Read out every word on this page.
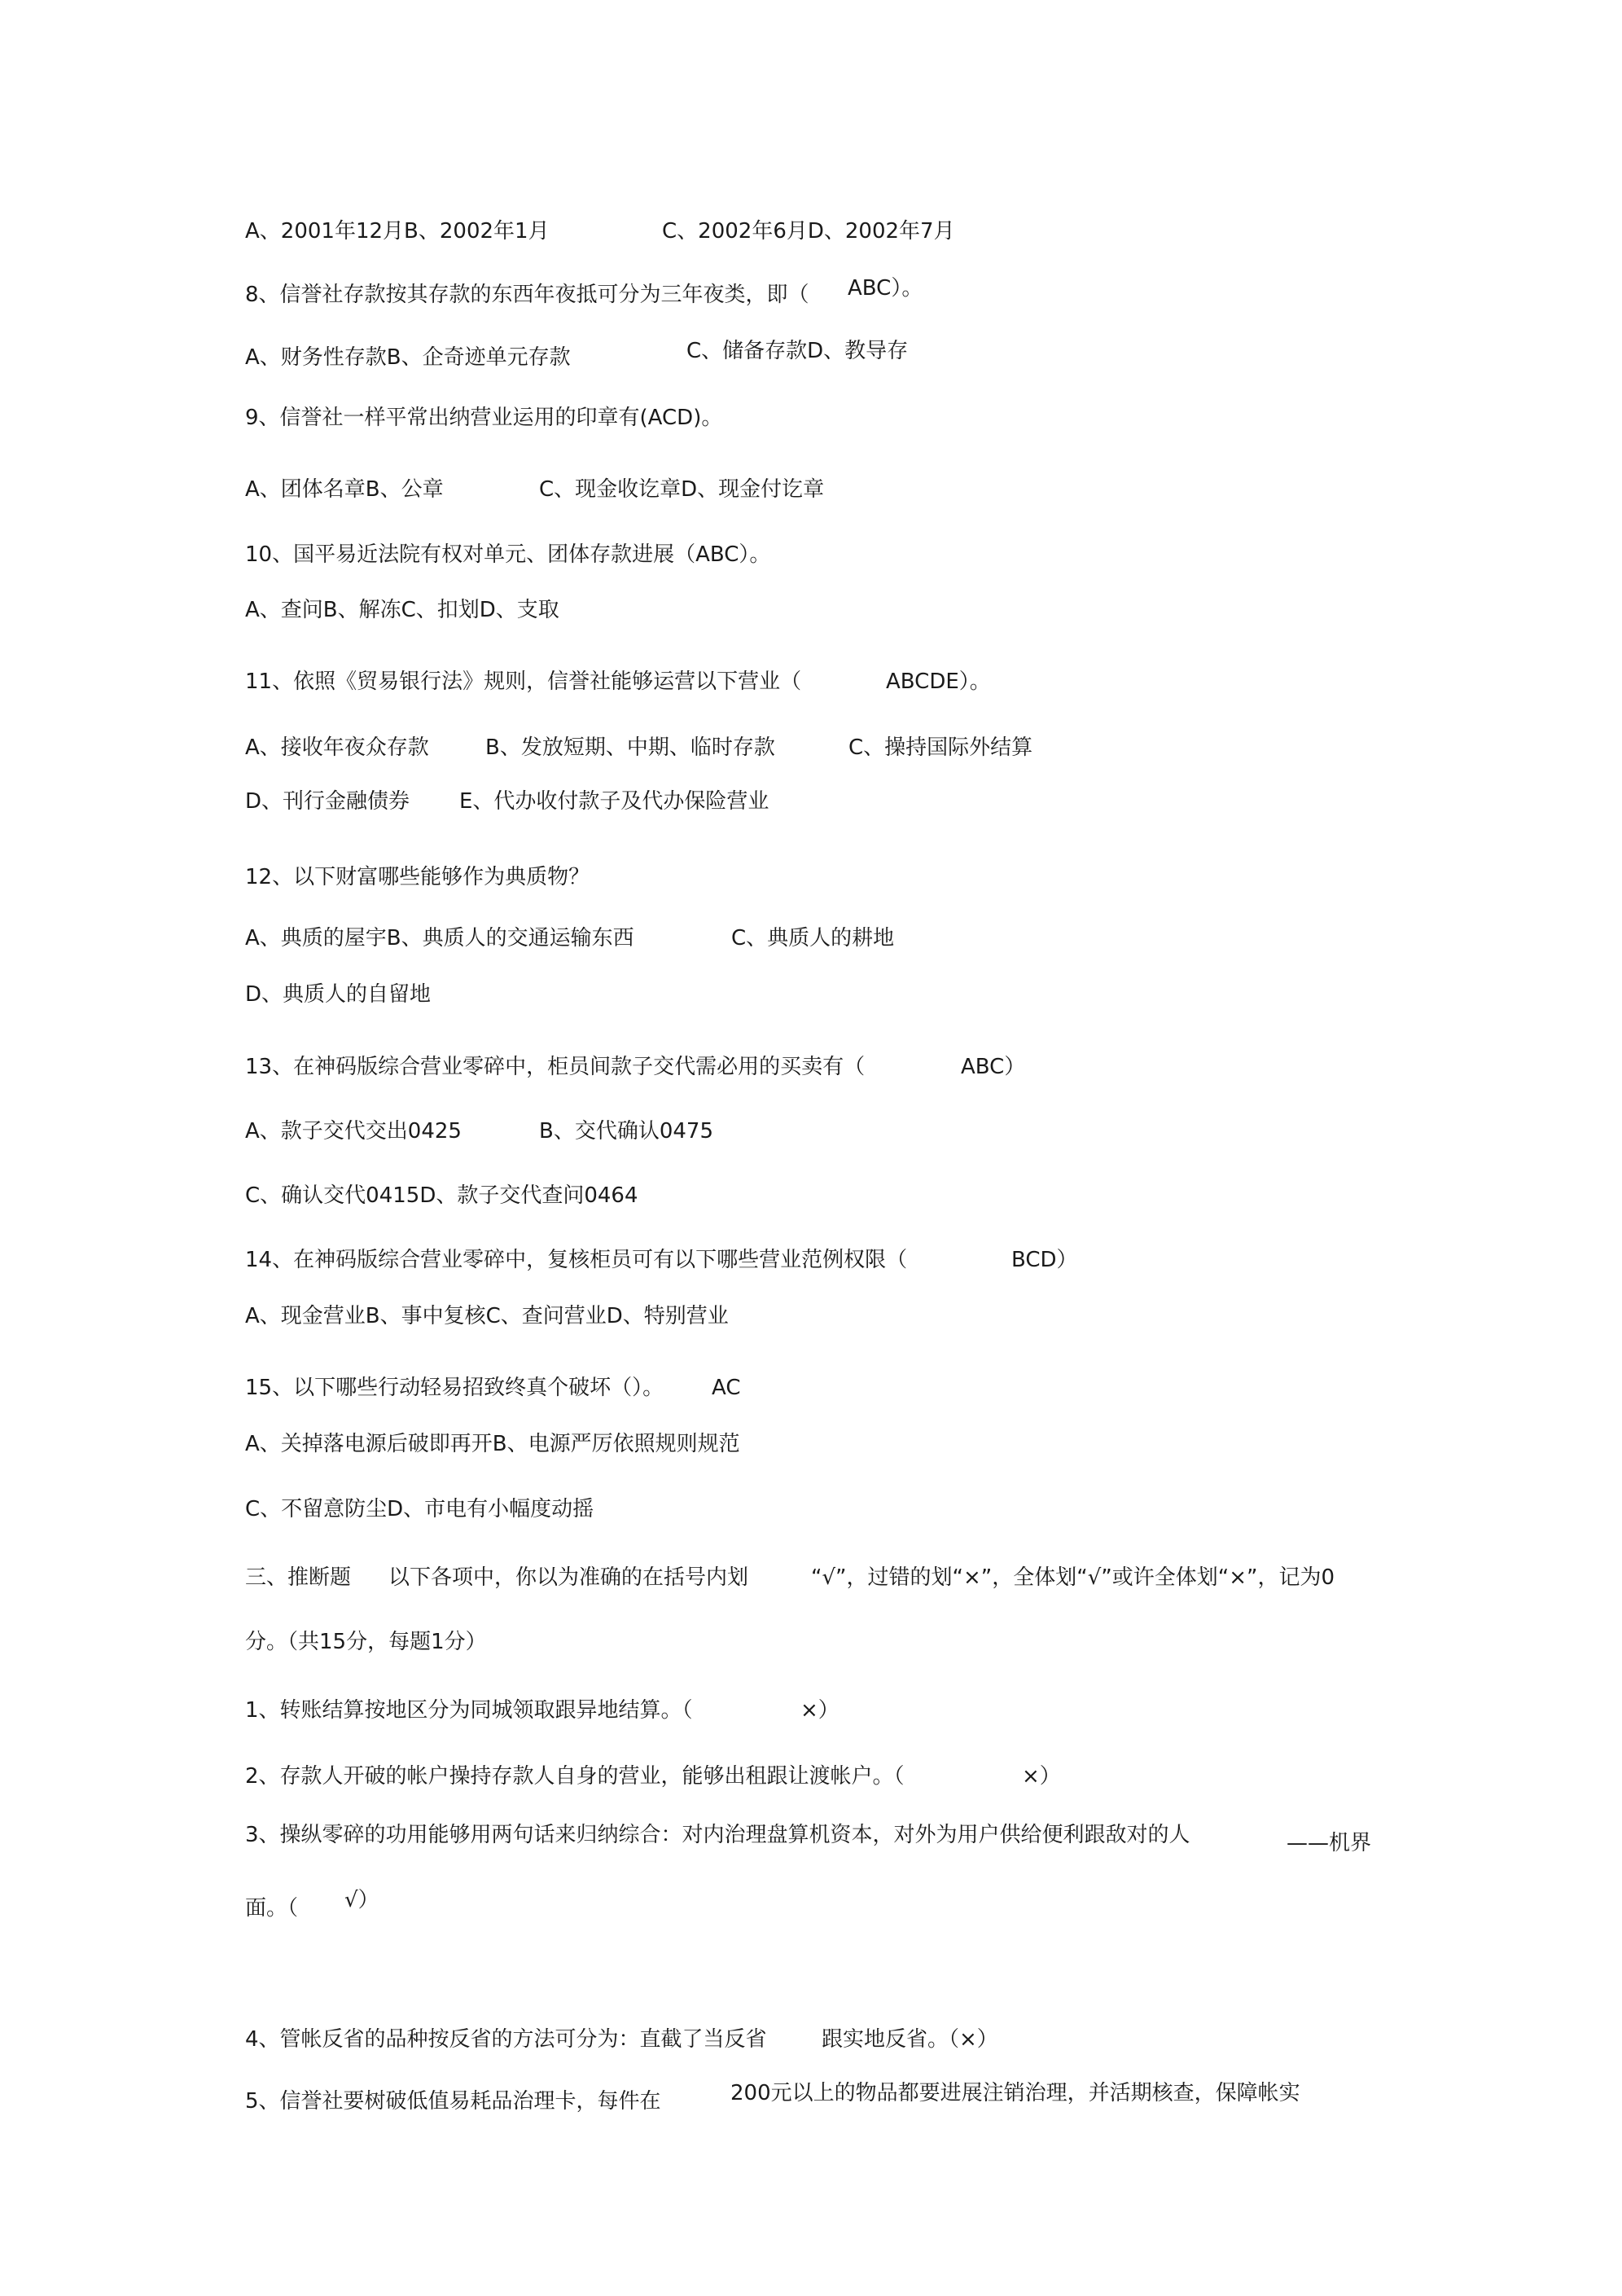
A、2001年12月B、2002年1月	C、2002年6月D、2002年7月
8、信誉社存款按其存款的东西年夜抵可分为三年夜类，即（ ABC）。
A、财务性存款B、企奇迹单元存款	C、储备存款D、教导存
9、信誉社一样平常出纳营业运用的印章有(ACD)。
A、团体名章B、公章	C、现金收讫章D、现金付讫章
10、国平易近法院有权对单元、团体存款进展（ABC）。
A、查问B、解冻C、扣划D、支取
11、依照《贸易银行法》规则，信誉社能够运营以下营业（	ABCDE）。
A、接收年夜众存款	B、发放短期、中期、临时存款	C、操持国际外结算
D、刊行金融债券 E、代办收付款子及代办保险营业
12、以下财富哪些能够作为典质物？
A、典质的屋宇B、典质人的交通运输东西	C、典质人的耕地
D、典质人的自留地
13、在神码版综合营业零碎中，柜员间款子交代需必用的买卖有（	ABC）
A、款子交代交出0425	B、交代确认0475
C、确认交代0415D、款子交代查问0464
14、在神码版综合营业零碎中，复核柜员可有以下哪些营业范例权限（	BCD）
A、现金营业B、事中复核C、查问营业D、特别营业
15、以下哪些行动轻易招致终真个破坏（）。 AC
A、关掉落电源后破即再开B、电源严厉依照规则规范
C、不留意防尘D、市电有小幅度动摇
三、推断题 以下各项中，你以为准确的在括号内划	“√”，过错的划“×”，全体划“√”或许全体划“×”，记为0
分。（共15分，每题1分）
1、转账结算按地区分为同城领取跟异地结算。（	×）
2、存款人开破的帐户操持存款人自身的营业，能够出租跟让渡帐户。（	×）
3、操纵零碎的功用能够用两句话来归纳综合：对内治理盘算机资本，对外为用户供给便利跟敌对的人	——机界
面。（ √）
4、管帐反省的品种按反省的方法可分为：直截了当反省	跟实地反省。（×）
5、信誉社要树破低值易耗品治理卡，每件在	200元以上的物品都要进展注销治理，并活期核查，保障帐实
